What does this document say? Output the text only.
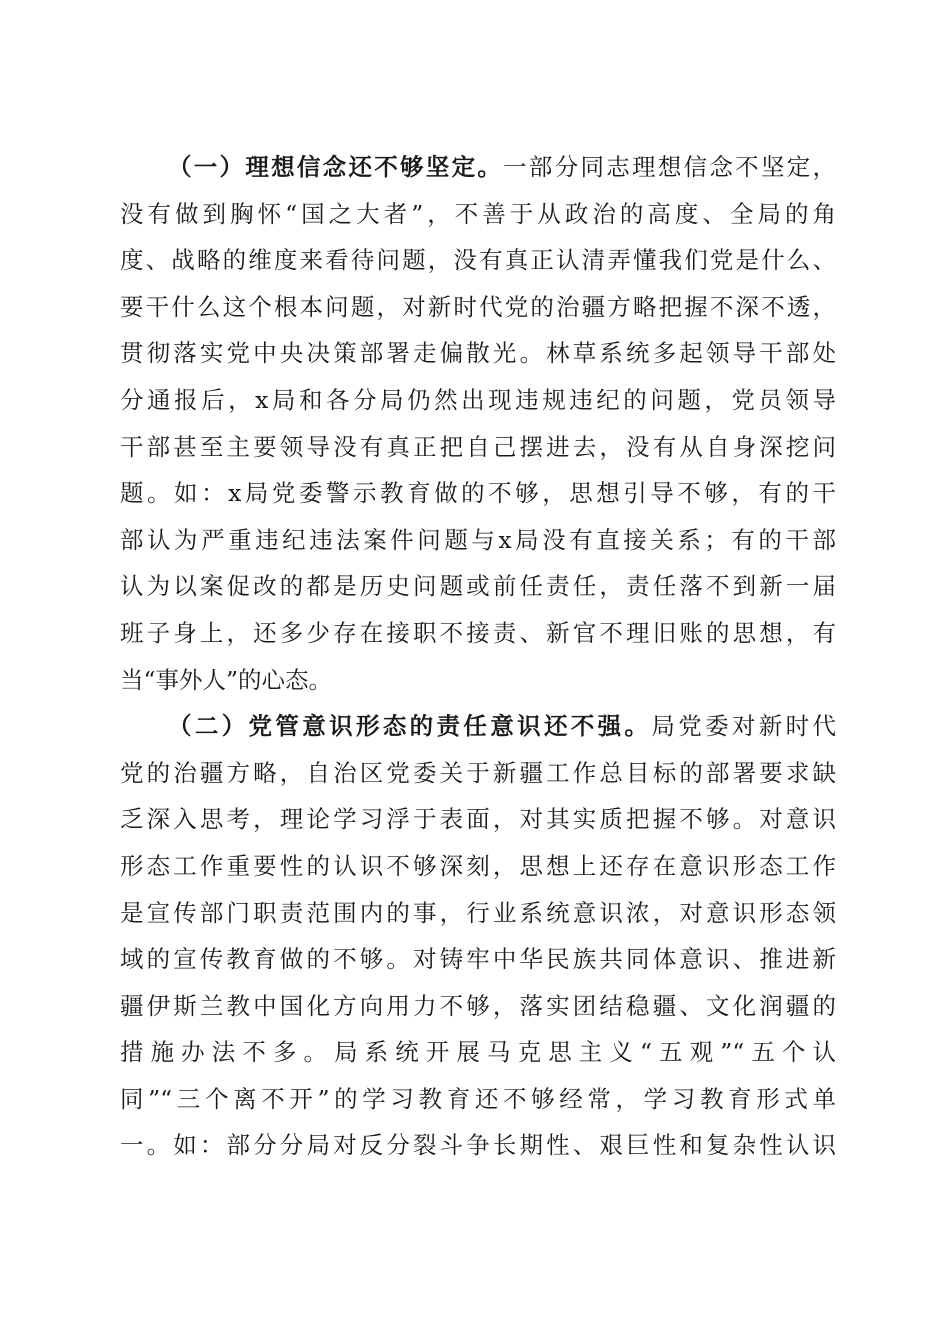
（一）理想信念还不够坚定。一部分同志理想信念不坚定，
没有做到胸怀“国之大者”，不善于从政治的高度、全局的角
度、战略的维度来看待问题，没有真正认清弄懂我们党是什么、
要干什么这个根本问题，对新时代党的治疆方略把握不深不透，
贯彻落实党中央决策部署走偏散光。林草系统多起领导干部处
分通报后，x局和各分局仍然出现违规违纪的问题，党员领导
干部甚至主要领导没有真正把自己摆进去，没有从自身深挖问
题。如：x局党委警示教育做的不够，思想引导不够，有的干
部认为严重违纪违法案件问题与x局没有直接关系；有的干部
认为以案促改的都是历史问题或前任责任，责任落不到新一届
班子身上，还多少存在接职不接责、新官不理旧账的思想，有
当“事外人”的心态。
（二）党管意识形态的责任意识还不强。局党委对新时代
党的治疆方略，自治区党委关于新疆工作总目标的部署要求缺
乏深入思考，理论学习浮于表面，对其实质把握不够。对意识
形态工作重要性的认识不够深刻，思想上还存在意识形态工作
是宣传部门职责范围内的事，行业系统意识浓，对意识形态领
域的宣传教育做的不够。对铸牢中华民族共同体意识、推进新
疆伊斯兰教中国化方向用力不够，落实团结稳疆、文化润疆的
措施办法不多。局系统开展马克思主义“五观”“五个认
同”“三个离不开”的学习教育还不够经常，学习教育形式单
一。如：部分分局对反分裂斗争长期性、艰巨性和复杂性认识
